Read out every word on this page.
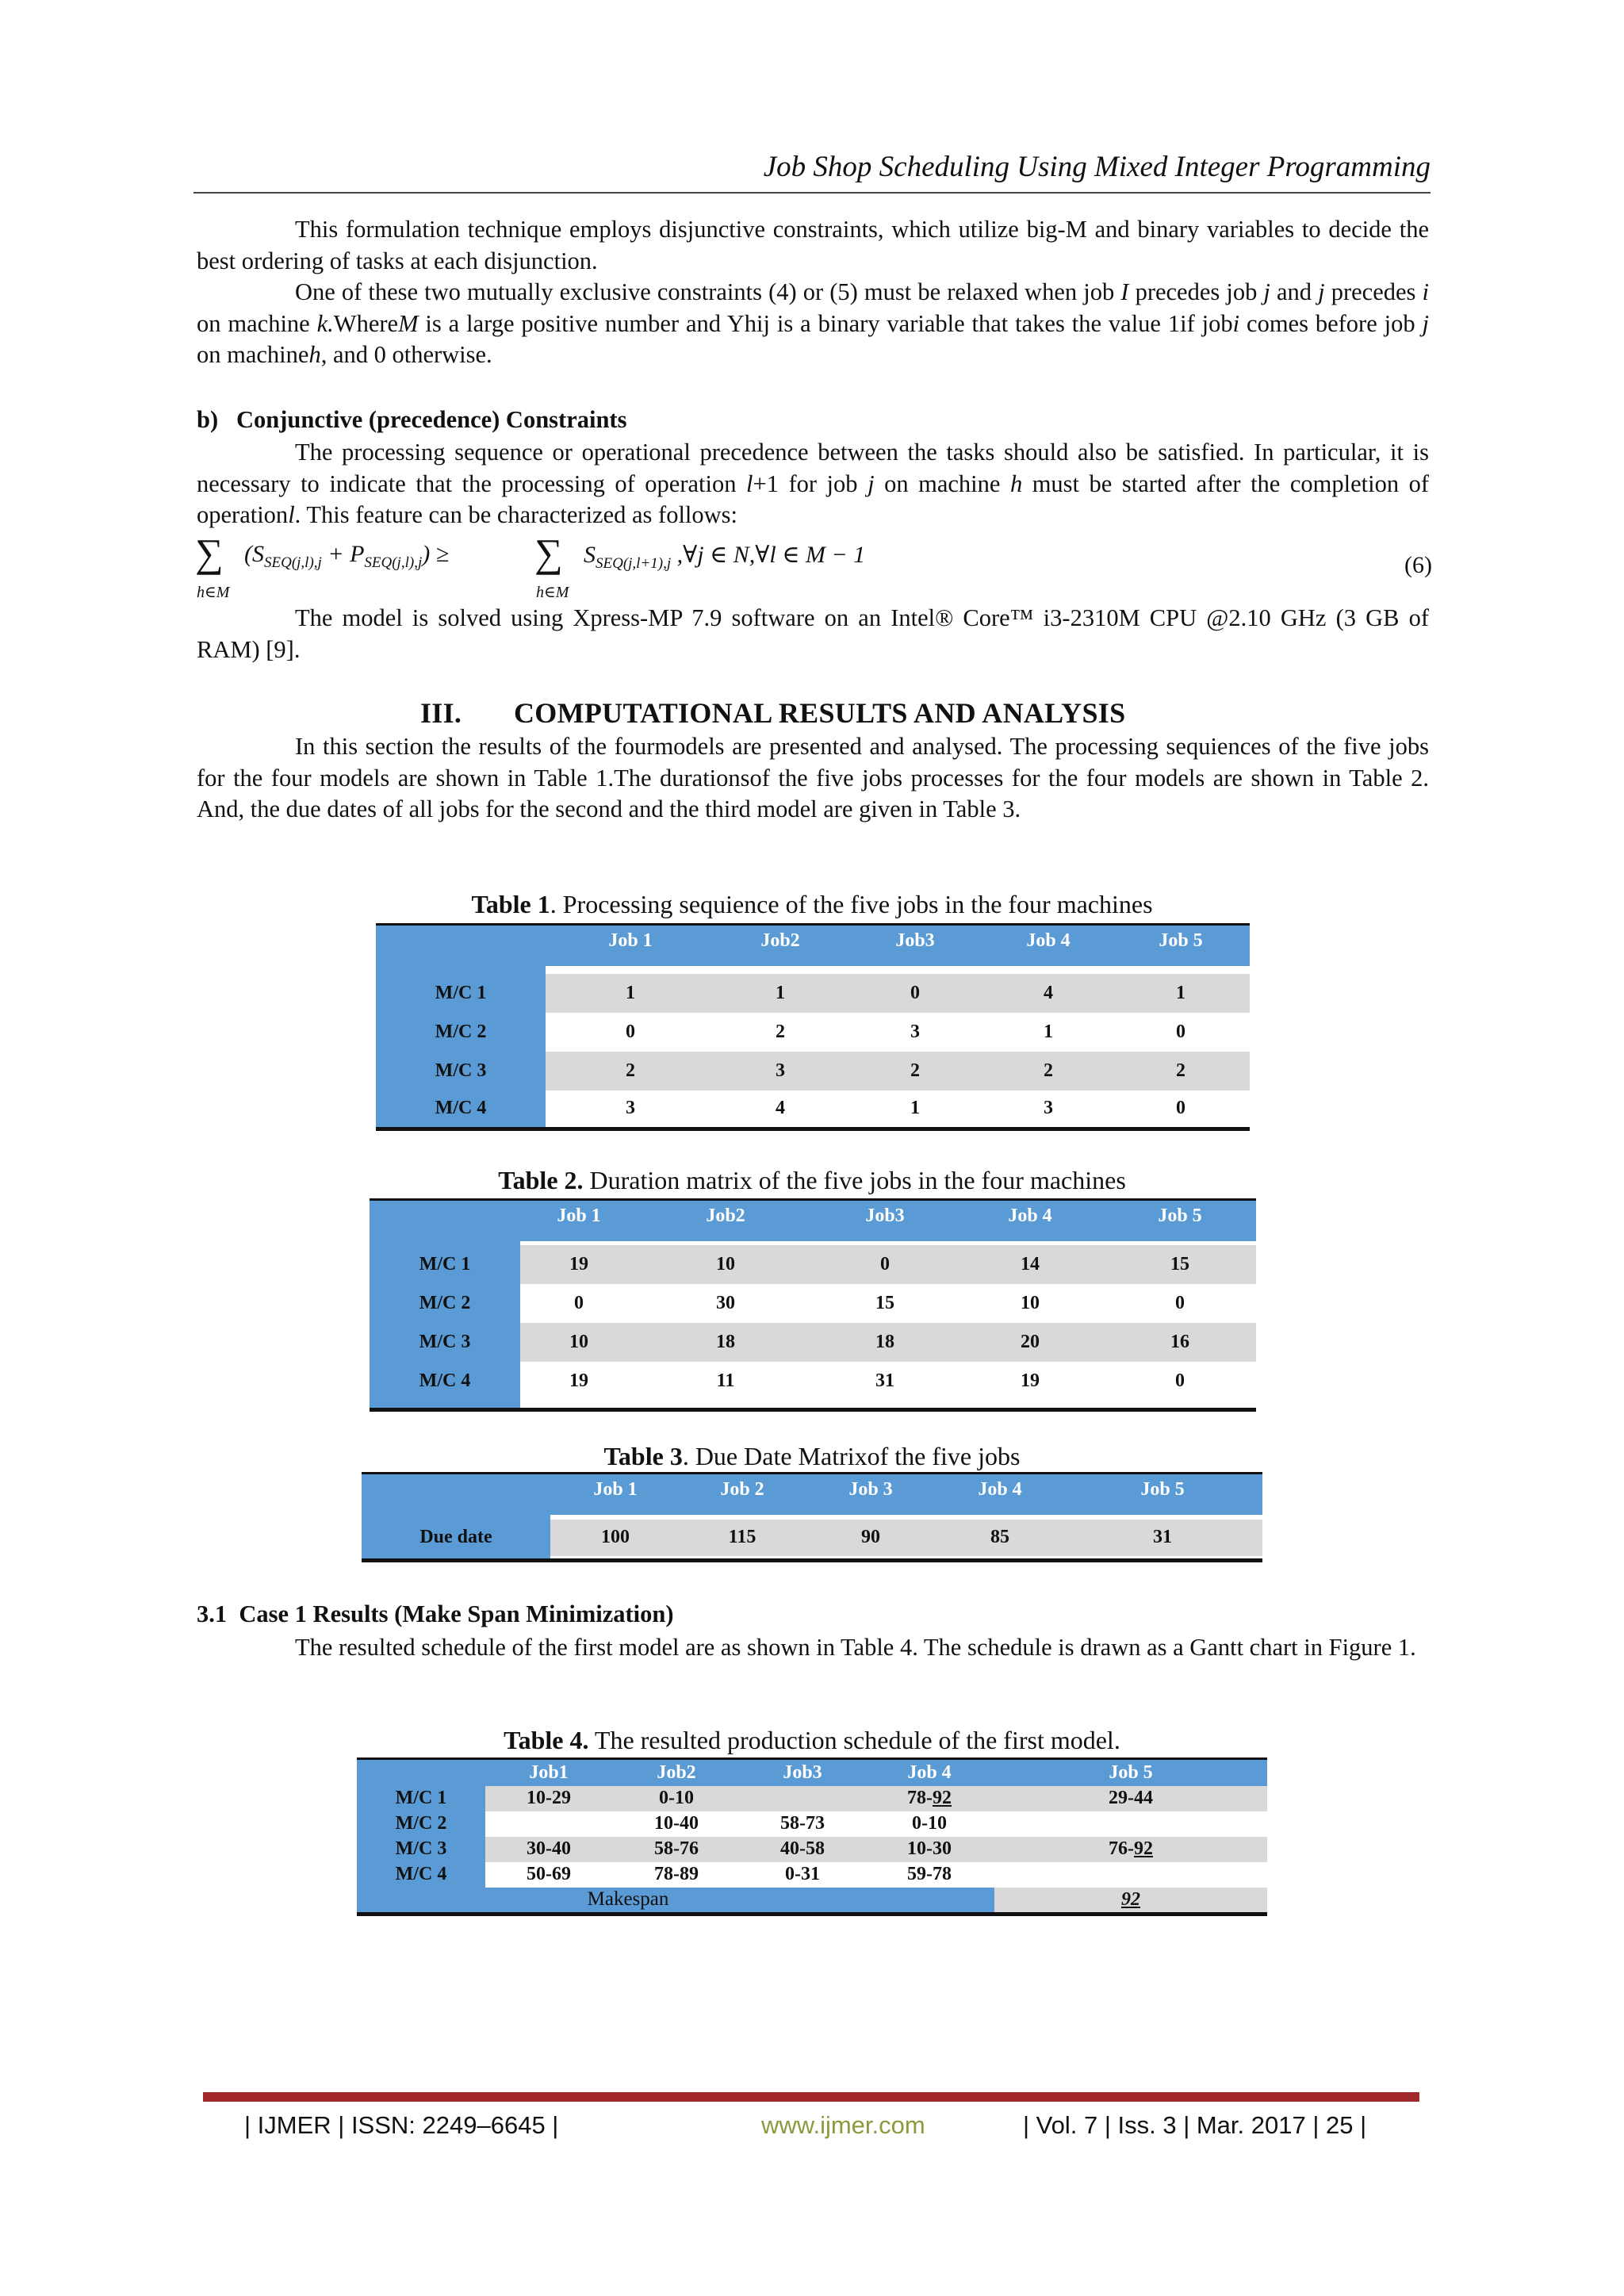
Job Shop Scheduling Using Mixed Integer Programming

This formulation technique employs disjunctive constraints, which utilize big-M and binary variables to decide the best ordering of tasks at each disjunction.

One of these two mutually exclusive constraints (4) or (5) must be relaxed when job I precedes job j and j precedes i on machine k.WhereM is a large positive number and Yhij is a binary variable that takes the value 1if jobi comes before job j on machineh, and 0 otherwise.

b)   Conjunctive (precedence) Constraints

The processing sequence or operational precedence between the tasks should also be satisfied. In particular, it is necessary to indicate that the processing of operation l+1 for job j on machine h must be started after the completion of operationl. This feature can be characterized as follows:

∑
h∈M
$(S_{SEQ(j,l),j} + P_{SEQ(j,l),j})$ ≥ ∑
h∈M
$S_{SEQ(j,l+1),j}$ ,∀j ∈ N,∀l ∈ M − 1	(6)

The model is solved using Xpress-MP 7.9 software on an Intel® Core™ i3-2310M CPU @2.10 GHz (3 GB of RAM) [9].

III. COMPUTATIONAL RESULTS AND ANALYSIS

In this section the results of the fourmodels are presented and analysed. The processing sequiences of the five jobs for the four models are shown in Table 1.The durationsof the five jobs processes for the four models are shown in Table 2. And, the due dates of all jobs for the second and the third model are given in Table 3.

Table 1. Processing sequience of the five jobs in the four machines
	Job 1	Job2	Job3	Job 4	Job 5

M/C 1	1	1	0	4	1
M/C 2	0	2	3	1	0
M/C 3	2	3	2	2	2
M/C 4	3	4	1	3	0
Table 2. Duration matrix of the five jobs in the four machines
	Job 1	Job2	Job3	Job 4	Job 5

M/C 1	19	10	0	14	15
M/C 2	0	30	15	10	0
M/C 3	10	18	18	20	16
M/C 4	19	11	31	19	0

Table 3. Due Date Matrixof the five jobs
	Job 1	Job 2	Job 3	Job 4	Job 5

Due date	100	115	90	85	31

3.1  Case 1 Results (Make Span Minimization)

The resulted schedule of the first model are as shown in Table 4. The schedule is drawn as a Gantt chart in Figure 1.

Table 4. The resulted production schedule of the first model.
	Job1	Job2	Job3	Job 4	Job 5
M/C 1	10-29	0-10		78-92	29-44
M/C 2		10-40	58-73	0-10	
M/C 3	30-40	58-76	40-58	10-30	76-92
M/C 4	50-69	78-89	0-31	59-78	
Makespan					92
| IJMER | ISSN: 2249–6645 |	www.ijmer.com	| Vol. 7 | Iss. 3 | Mar. 2017 | 25 |
